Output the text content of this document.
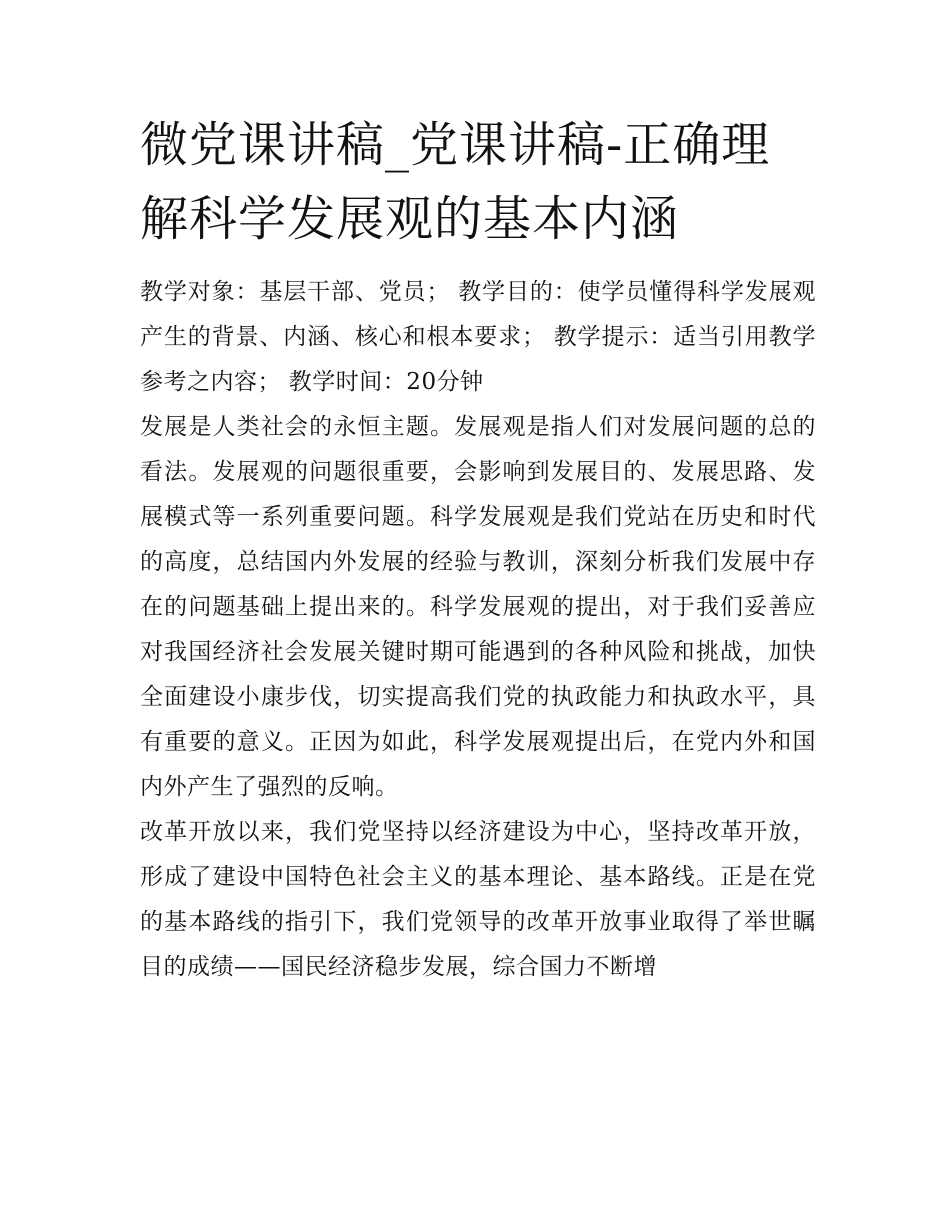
微党课讲稿_党课讲稿-正确理解科学发展观的基本内涵

教学对象：基层干部、党员； 教学目的：使学员懂得科学发展观产生的背景、内涵、核心和根本要求； 教学提示：适当引用教学参考之内容； 教学时间：20分钟

发展是人类社会的永恒主题。发展观是指人们对发展问题的总的看法。发展观的问题很重要，会影响到发展目的、发展思路、发展模式等一系列重要问题。科学发展观是我们党站在历史和时代的高度，总结国内外发展的经验与教训，深刻分析我们发展中存在的问题基础上提出来的。科学发展观的提出，对于我们妥善应对我国经济社会发展关键时期可能遇到的各种风险和挑战，加快全面建设小康步伐，切实提高我们党的执政能力和执政水平，具有重要的意义。正因为如此，科学发展观提出后，在党内外和国内外产生了强烈的反响。

改革开放以来，我们党坚持以经济建设为中心，坚持改革开放，形成了建设中国特色社会主义的基本理论、基本路线。正是在党的基本路线的指引下，我们党领导的改革开放事业取得了举世瞩目的成绩——国民经济稳步发展，综合国力不断增
